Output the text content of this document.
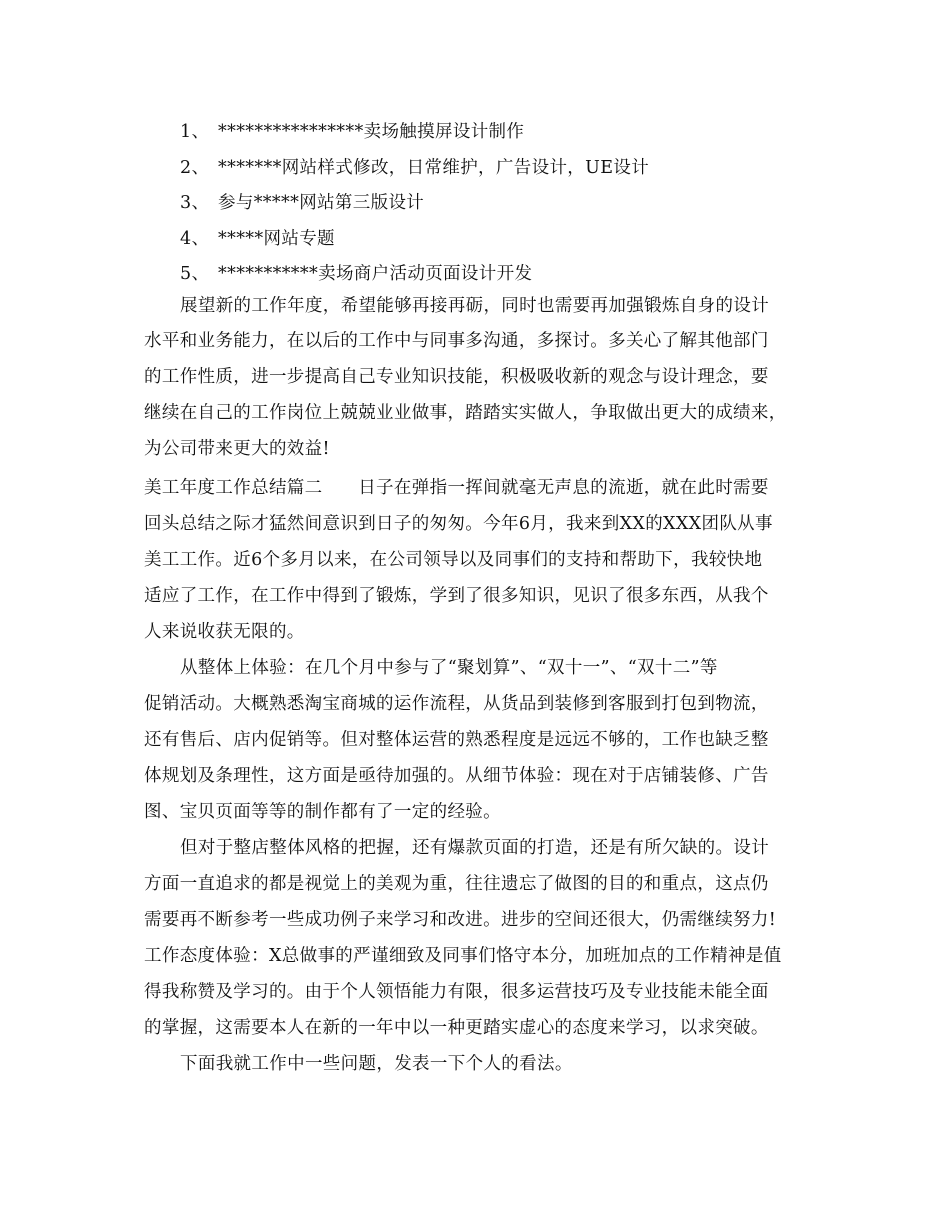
1、 ****************卖场触摸屏设计制作
2、 *******网站样式修改，日常维护，广告设计，UE设计
3、 参与*****网站第三版设计
4、 *****网站专题
5、 ***********卖场商户活动页面设计开发
展望新的工作年度，希望能够再接再砺，同时也需要再加强锻炼自身的设计
水平和业务能力，在以后的工作中与同事多沟通，多探讨。多关心了解其他部门
的工作性质，进一步提高自己专业知识技能，积极吸收新的观念与设计理念，要
继续在自己的工作岗位上兢兢业业做事，踏踏实实做人，争取做出更大的成绩来，
为公司带来更大的效益!
美工年度工作总结篇二　　日子在弹指一挥间就毫无声息的流逝，就在此时需要
回头总结之际才猛然间意识到日子的匆匆。今年6月，我来到XX的XXX团队从事
美工工作。近6个多月以来，在公司领导以及同事们的支持和帮助下，我较快地
适应了工作，在工作中得到了锻炼，学到了很多知识，见识了很多东西，从我个
人来说收获无限的。
从整体上体验：在几个月中参与了“聚划算”、“双十一”、“双十二”等
促销活动。大概熟悉淘宝商城的运作流程，从货品到装修到客服到打包到物流，
还有售后、店内促销等。但对整体运营的熟悉程度是远远不够的，工作也缺乏整
体规划及条理性，这方面是亟待加强的。从细节体验：现在对于店铺装修、广告
图、宝贝页面等等的制作都有了一定的经验。
但对于整店整体风格的把握，还有爆款页面的打造，还是有所欠缺的。设计
方面一直追求的都是视觉上的美观为重，往往遗忘了做图的目的和重点，这点仍
需要再不断参考一些成功例子来学习和改进。进步的空间还很大，仍需继续努力!
工作态度体验：X总做事的严谨细致及同事们恪守本分，加班加点的工作精神是值
得我称赞及学习的。由于个人领悟能力有限，很多运营技巧及专业技能未能全面
的掌握，这需要本人在新的一年中以一种更踏实虚心的态度来学习，以求突破。
下面我就工作中一些问题，发表一下个人的看法。
